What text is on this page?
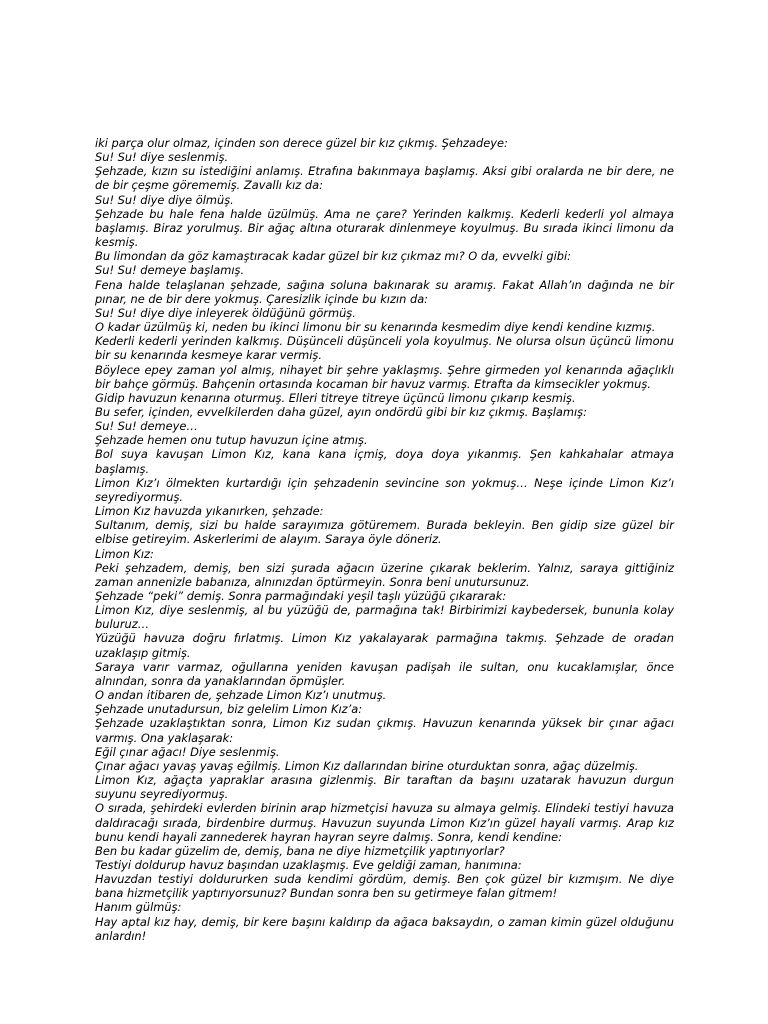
iki parça olur olmaz, içinden son derece güzel bir kız çıkmış. Şehzadeye:

Su! Su! diye seslenmiş.

Şehzade, kızın su istediğini anlamış. Etrafına bakınmaya başlamış. Aksi gibi oralarda ne bir dere, ne de bir çeşme görememiş. Zavallı kız da:

Su! Su! diye diye ölmüş.

Şehzade bu hale fena halde üzülmüş. Ama ne çare? Yerinden kalkmış. Kederli kederli yol almaya başlamış. Biraz yorulmuş. Bir ağaç altına oturarak dinlenmeye koyulmuş. Bu sırada ikinci limonu da kesmiş.

Bu limondan da göz kamaştıracak kadar güzel bir kız çıkmaz mı? O da, evvelki gibi:

Su! Su! demeye başlamış.

Fena halde telaşlanan şehzade, sağına soluna bakınarak su aramış. Fakat Allah’ın dağında ne bir pınar, ne de bir dere yokmuş. Çaresizlik içinde bu kızın da:

Su! Su! diye diye inleyerek öldüğünü görmüş.

O kadar üzülmüş ki, neden bu ikinci limonu bir su kenarında kesmedim diye kendi kendine kızmış.

Kederli kederli yerinden kalkmış. Düşünceli düşünceli yola koyulmuş. Ne olursa olsun üçüncü limonu bir su kenarında kesmeye karar vermiş.

Böylece epey zaman yol almış, nihayet bir şehre yaklaşmış. Şehre girmeden yol kenarında ağaçlıklı bir bahçe görmüş. Bahçenin ortasında kocaman bir havuz varmış. Etrafta da kimsecikler yokmuş.

Gidip havuzun kenarına oturmuş. Elleri titreye titreye üçüncü limonu çıkarıp kesmiş.

Bu sefer, içinden, evvelkilerden daha güzel, ayın ondördü gibi bir kız çıkmış. Başlamış:

Su! Su! demeye…

Şehzade hemen onu tutup havuzun içine atmış.

Bol suya kavuşan Limon Kız, kana kana içmiş, doya doya yıkanmış. Şen kahkahalar atmaya başlamış.

Limon Kız’ı ölmekten kurtardığı için şehzadenin sevincine son yokmuş… Neşe içinde Limon Kız’ı seyrediyormuş.

Limon Kız havuzda yıkanırken, şehzade:

Sultanım, demiş, sizi bu halde sarayımıza götüremem. Burada bekleyin. Ben gidip size güzel bir elbise getireyim. Askerlerimi de alayım. Saraya öyle döneriz.

Limon Kız:

Peki şehzadem, demiş, ben sizi şurada ağacın üzerine çıkarak beklerim. Yalnız, saraya gittiğiniz zaman annenizle babanıza, alnınızdan öptürmeyin. Sonra beni unutursunuz.

Şehzade “peki” demiş. Sonra parmağındaki yeşil taşlı yüzüğü çıkararak:

Limon Kız, diye seslenmiş, al bu yüzüğü de, parmağına tak! Birbirimizi kaybedersek, bununla kolay buluruz…

Yüzüğü havuza doğru fırlatmış. Limon Kız yakalayarak parmağına takmış. Şehzade de oradan uzaklaşıp gitmiş.

Saraya varır varmaz, oğullarına yeniden kavuşan padişah ile sultan, onu kucaklamışlar, önce alnından, sonra da yanaklarından öpmüşler.

O andan itibaren de, şehzade Limon Kız’ı unutmuş.

Şehzade unutadursun, biz gelelim Limon Kız’a:

Şehzade uzaklaştıktan sonra, Limon Kız sudan çıkmış. Havuzun kenarında yüksek bir çınar ağacı varmış. Ona yaklaşarak:

Eğil çınar ağacı! Diye seslenmiş.

Çınar ağacı yavaş yavaş eğilmiş. Limon Kız dallarından birine oturduktan sonra, ağaç düzelmiş.

Limon Kız, ağaçta yapraklar arasına gizlenmiş. Bir taraftan da başını uzatarak havuzun durgun suyunu seyrediyormuş.

O sırada, şehirdeki evlerden birinin arap hizmetçisi havuza su almaya gelmiş. Elindeki testiyi havuza daldıracağı sırada, birdenbire durmuş. Havuzun suyunda Limon Kız’ın güzel hayali varmış. Arap kız bunu kendi hayali zannederek hayran hayran seyre dalmış. Sonra, kendi kendine:

Ben bu kadar güzelim de, demiş, bana ne diye hizmetçilik yaptırıyorlar?

Testiyi doldurup havuz başından uzaklaşmış. Eve geldiği zaman, hanımına:

Havuzdan testiyi doldururken suda kendimi gördüm, demiş. Ben çok güzel bir kızmışım. Ne diye bana hizmetçilik yaptırıyorsunuz? Bundan sonra ben su getirmeye falan gitmem!

Hanım gülmüş:

Hay aptal kız hay, demiş, bir kere başını kaldırıp da ağaca baksaydın, o zaman kimin güzel olduğunu anlardın!
